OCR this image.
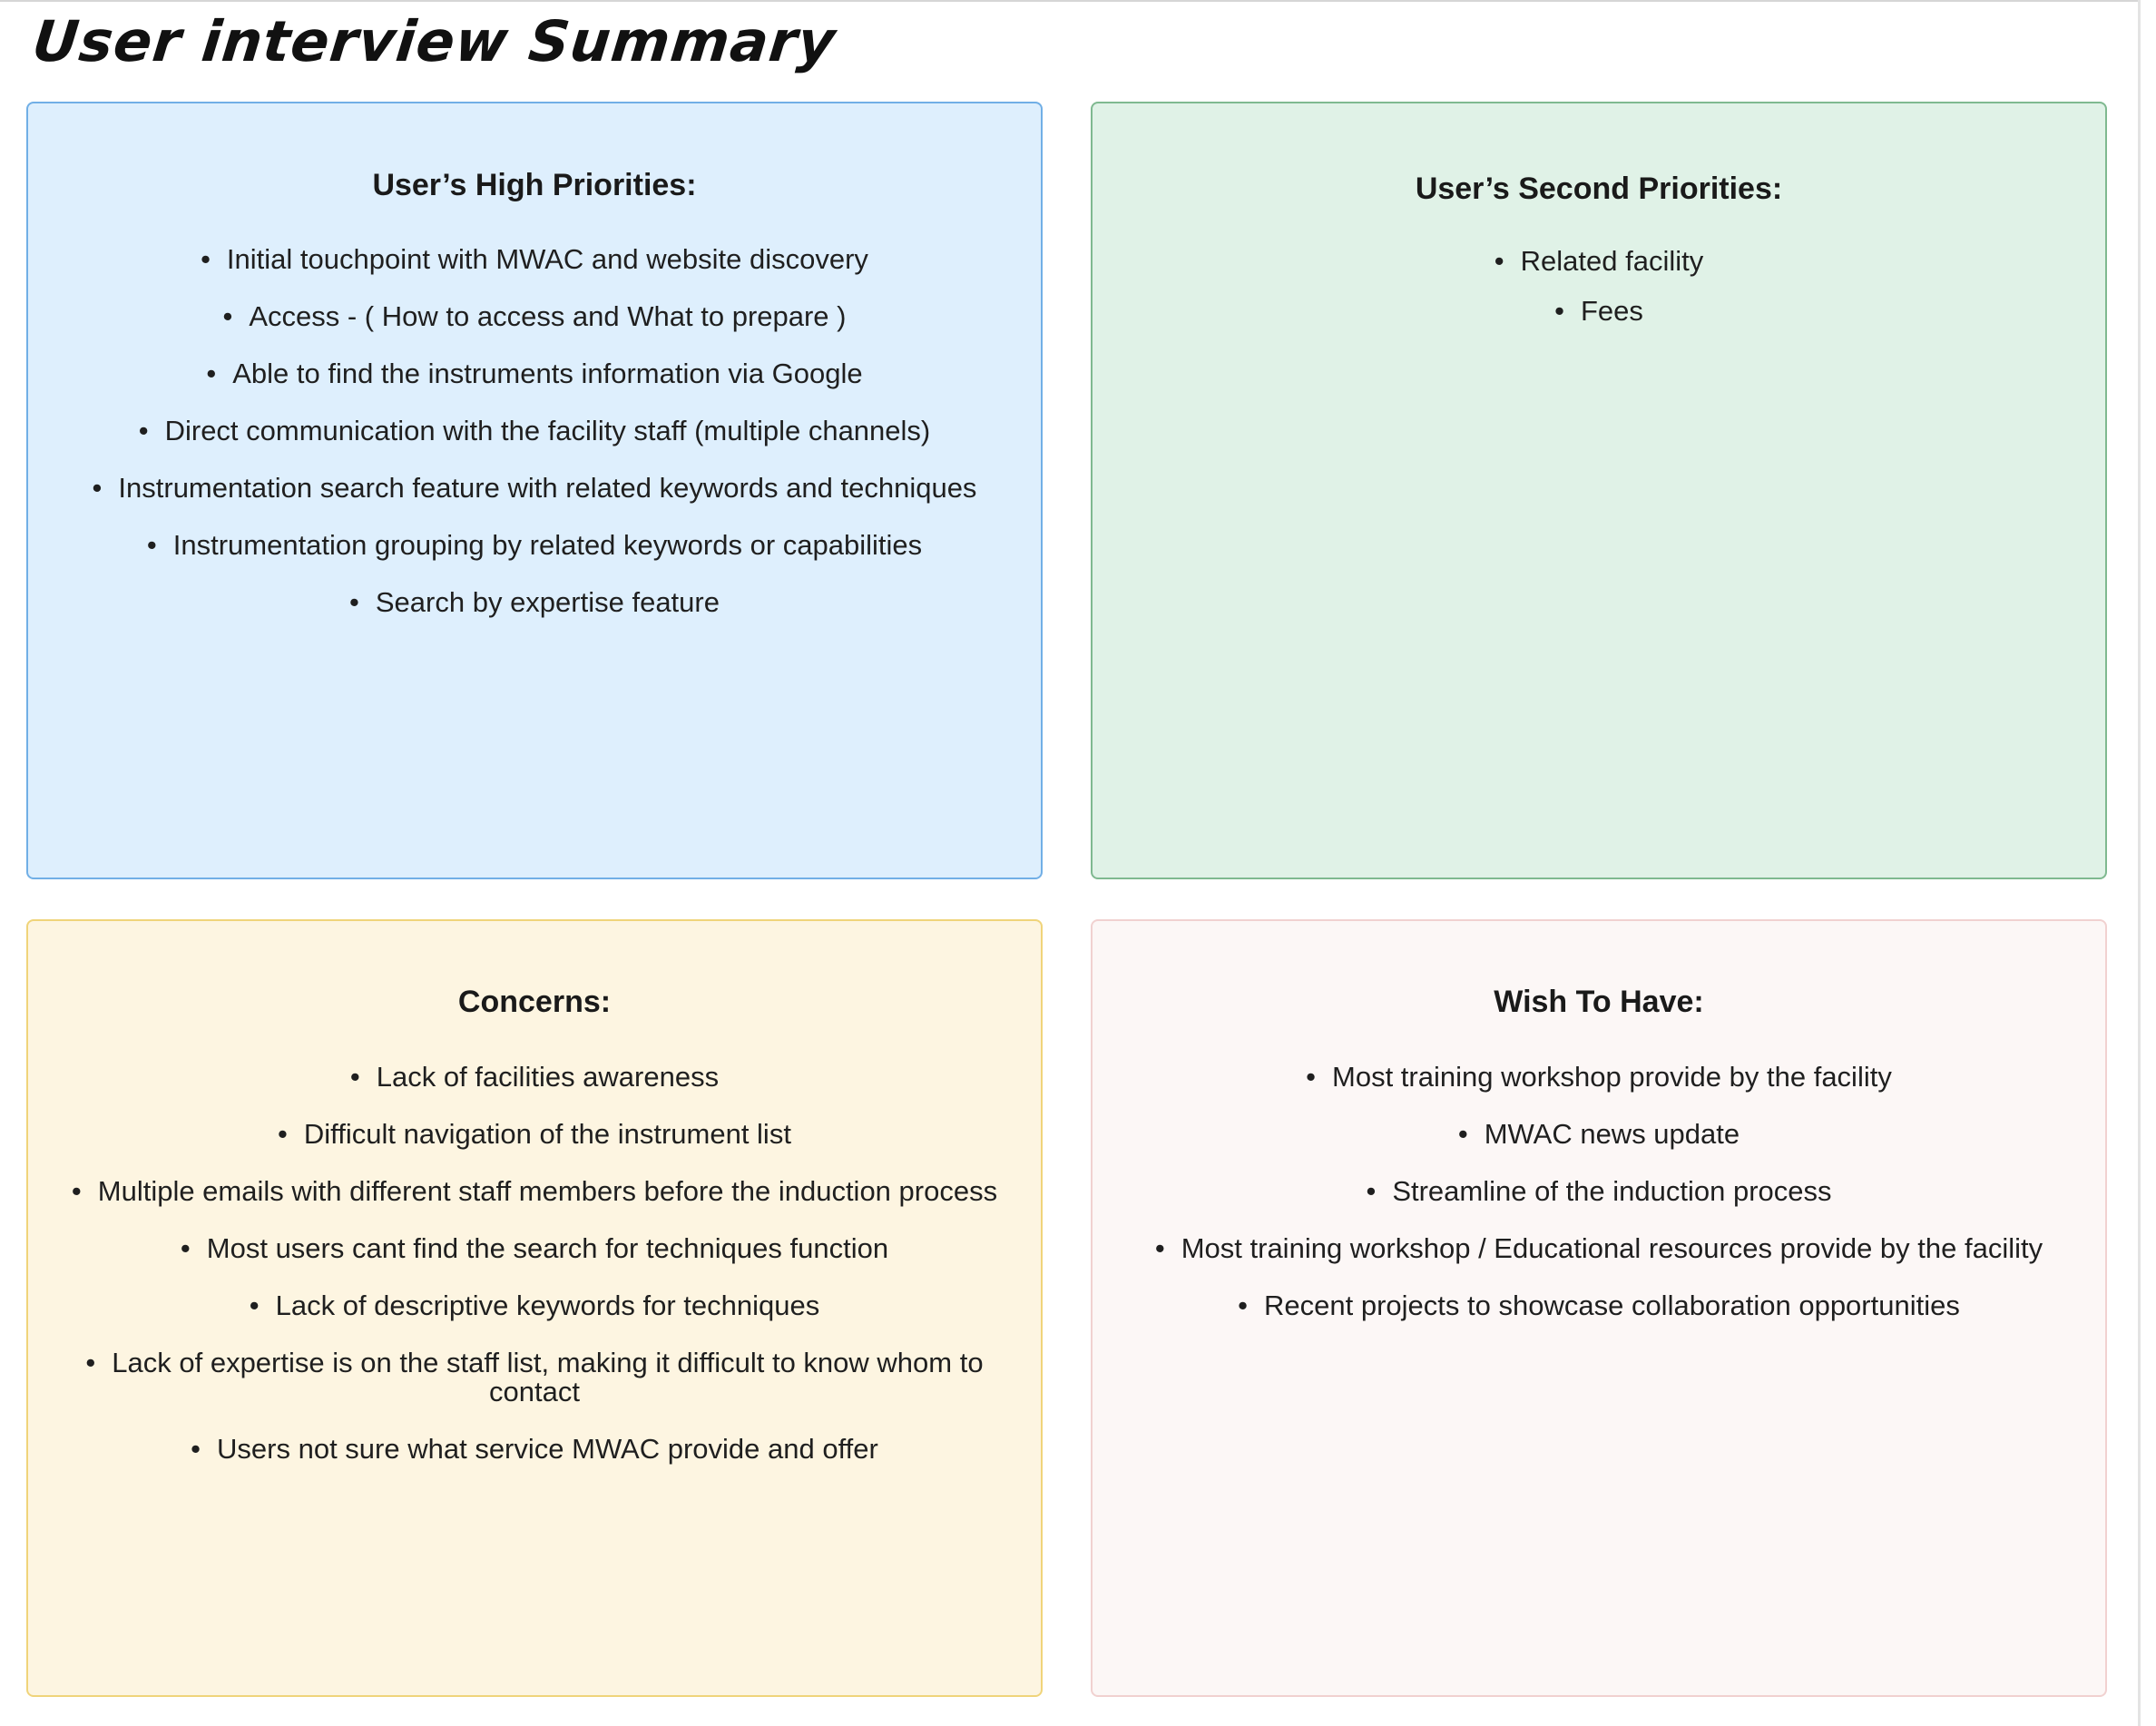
User interview Summary
User’s High Priorities:
• Initial touchpoint with MWAC and website discovery
• Access - ( How to access and What to prepare )
• Able to find the instruments information via Google
• Direct communication with the facility staff (multiple channels)
• Instrumentation search feature with related keywords and techniques
• Instrumentation grouping by related keywords or capabilities
• Search by expertise feature
User’s Second Priorities:
• Related facility
• Fees
Concerns:
• Lack of facilities awareness
• Difficult navigation of the instrument list
• Multiple emails with different staff members before the induction process
• Most users cant find the search for techniques function
• Lack of descriptive keywords for techniques
• Lack of expertise is on the staff list, making it difficult to know whom to contact
• Users not sure what service MWAC provide and offer
Wish To Have:
• Most training workshop provide by the facility
• MWAC news update
• Streamline of the induction process
• Most training workshop / Educational resources provide by the facility
• Recent projects to showcase collaboration opportunities
